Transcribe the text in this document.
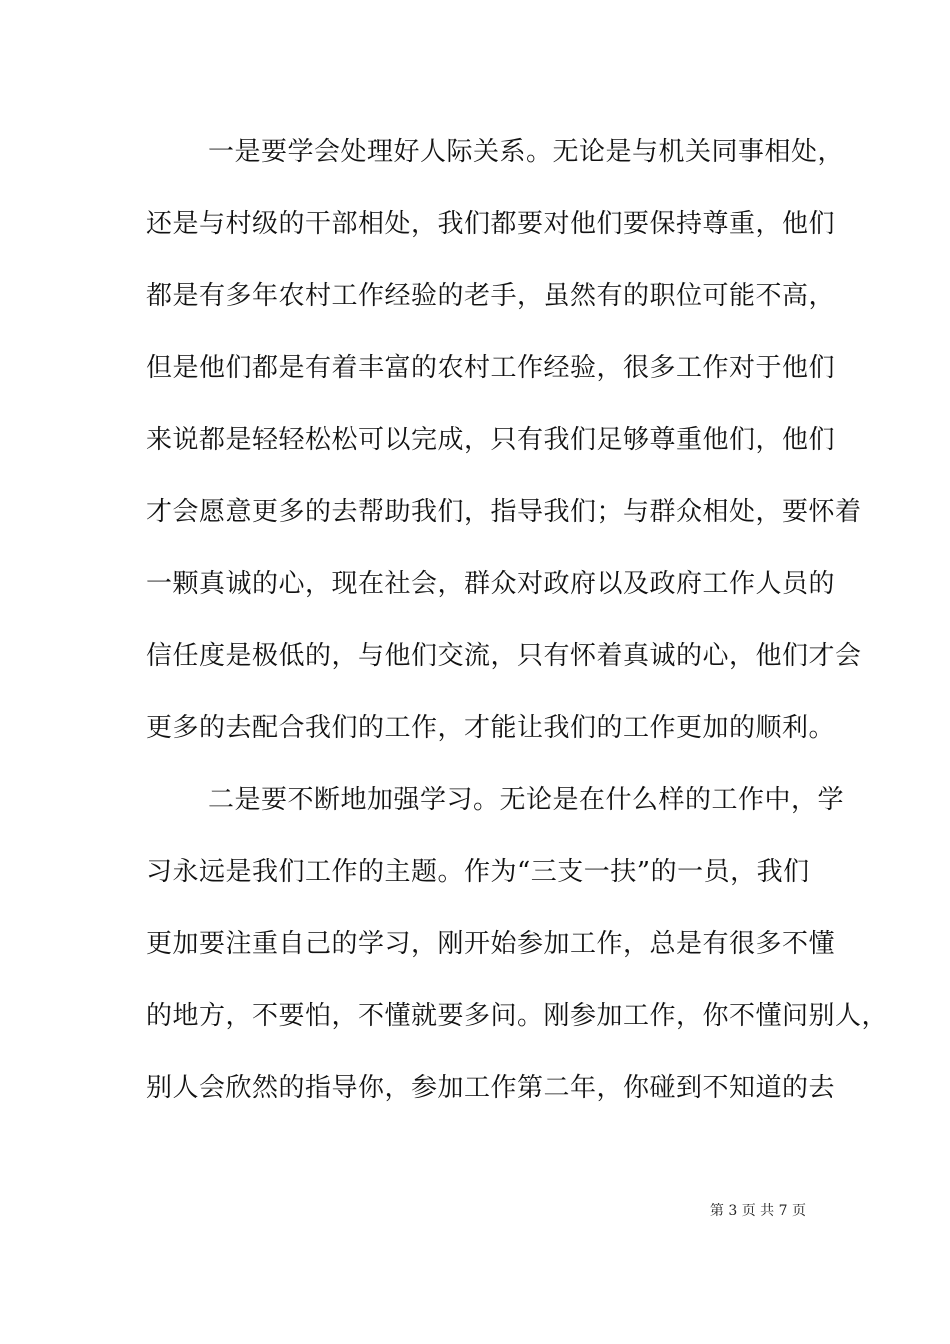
一是要学会处理好人际关系。无论是与机关同事相处，
还是与村级的干部相处，我们都要对他们要保持尊重，他们
都是有多年农村工作经验的老手，虽然有的职位可能不高，
但是他们都是有着丰富的农村工作经验，很多工作对于他们
来说都是轻轻松松可以完成，只有我们足够尊重他们，他们
才会愿意更多的去帮助我们，指导我们；与群众相处，要怀着
一颗真诚的心，现在社会，群众对政府以及政府工作人员的
信任度是极低的，与他们交流，只有怀着真诚的心，他们才会
更多的去配合我们的工作，才能让我们的工作更加的顺利。
二是要不断地加强学习。无论是在什么样的工作中，学
习永远是我们工作的主题。作为“三支一扶”的一员，我们
更加要注重自己的学习，刚开始参加工作，总是有很多不懂
的地方，不要怕，不懂就要多问。刚参加工作，你不懂问别人，
别人会欣然的指导你，参加工作第二年，你碰到不知道的去
第 3 页 共 7 页
